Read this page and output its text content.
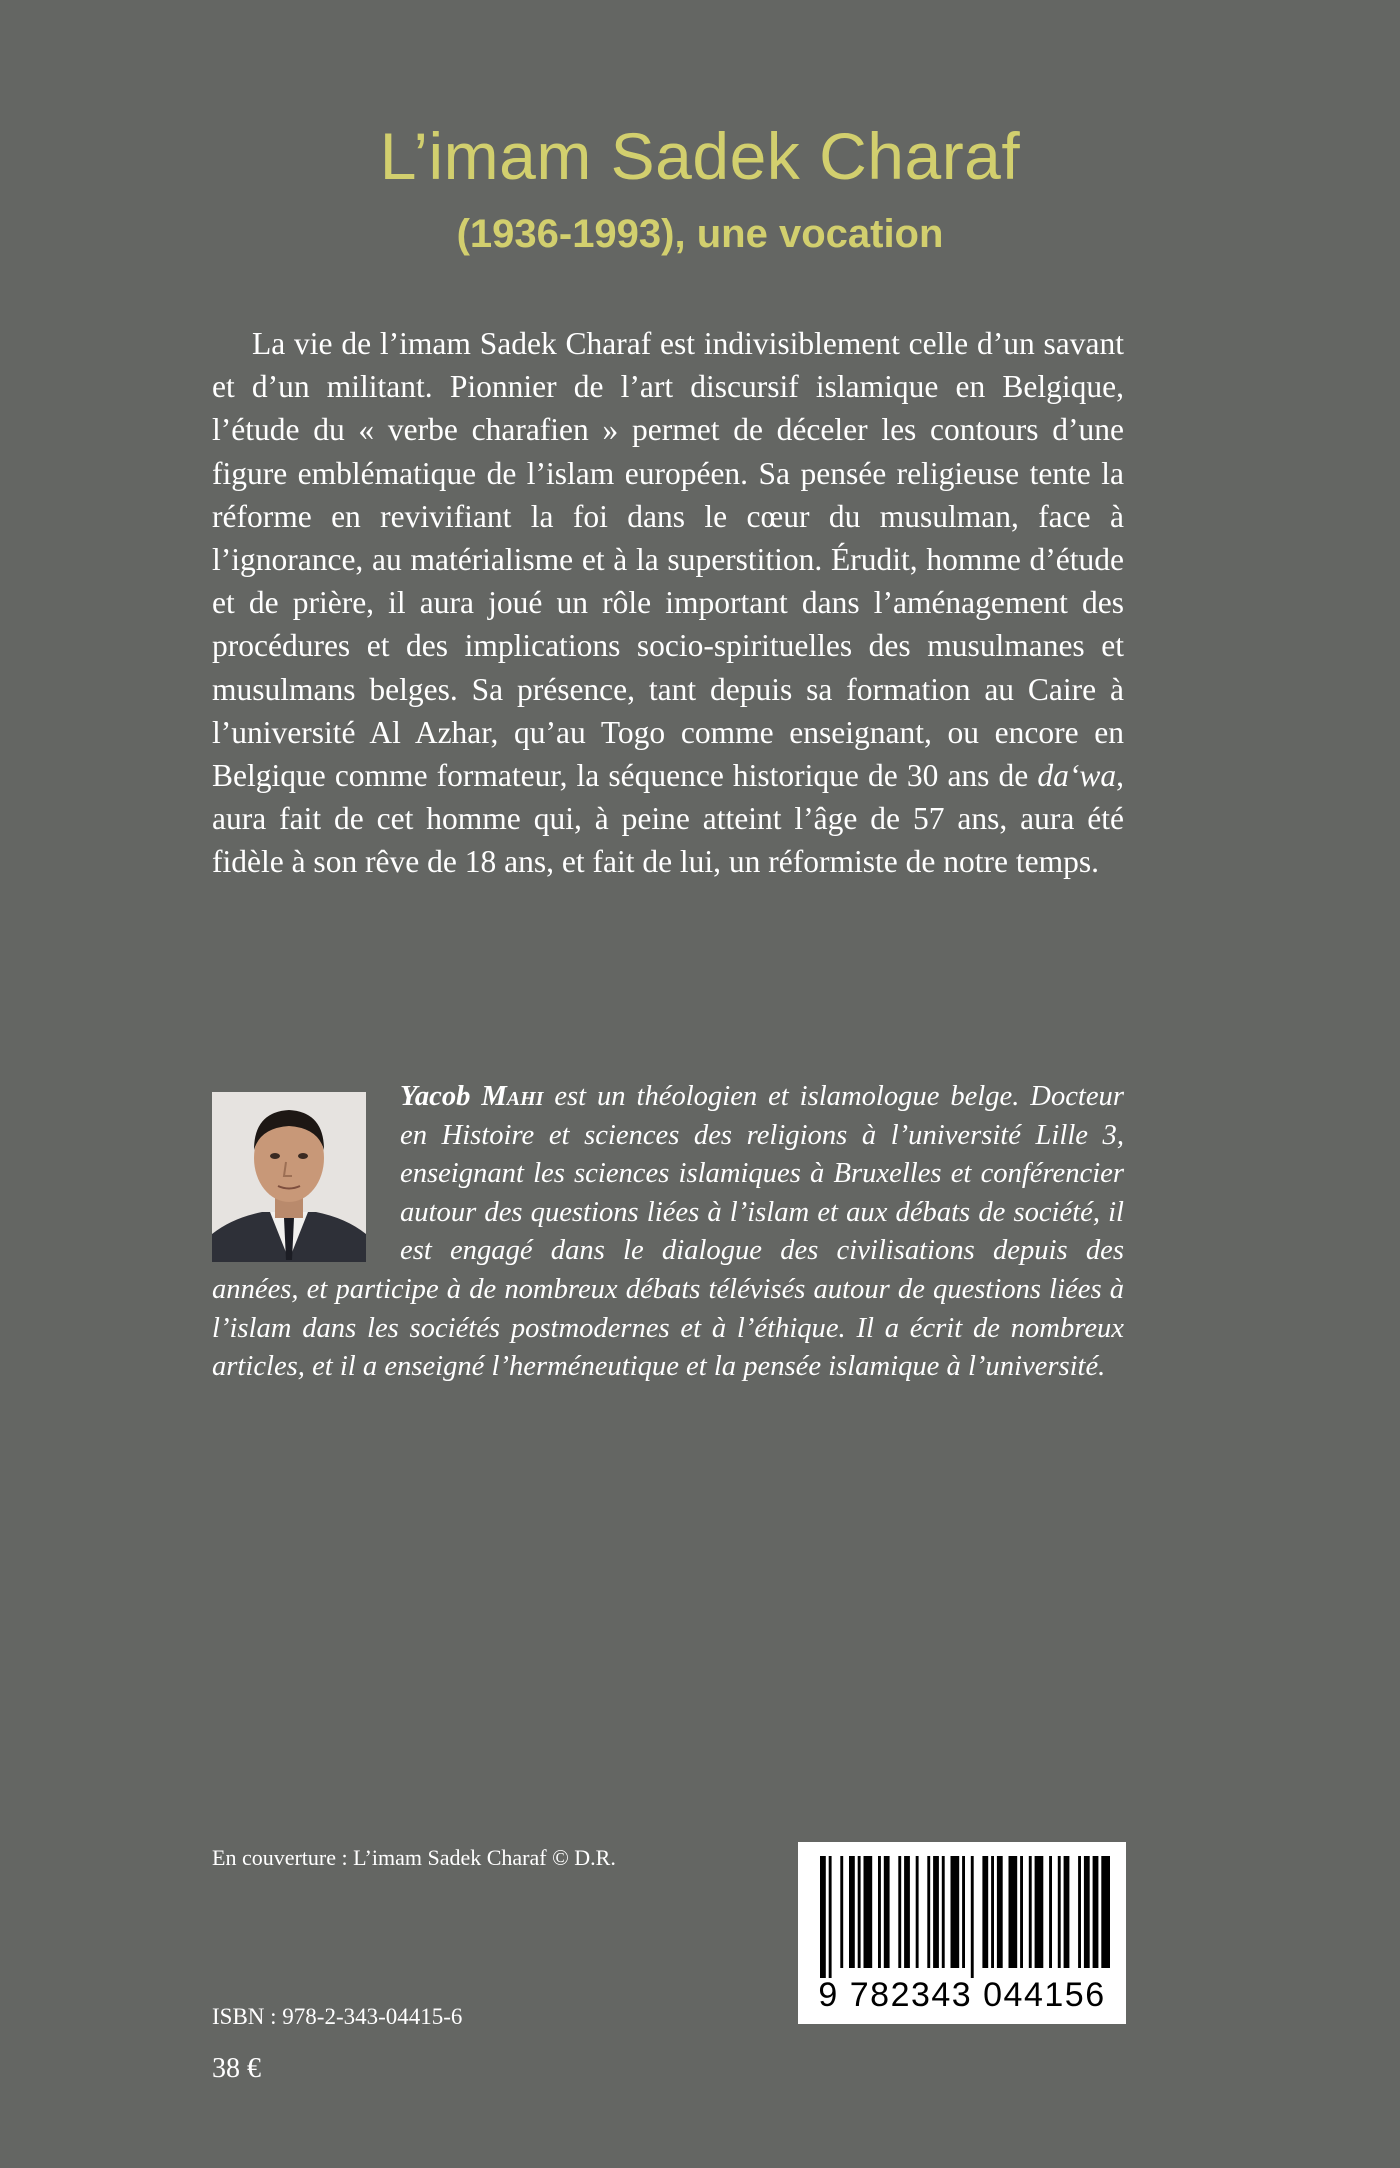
L’imam Sadek Charaf
(1936-1993), une vocation

La vie de l’imam Sadek Charaf est indivisiblement celle d’un savant et d’un militant. Pionnier de l’art discursif islamique en Belgique, l’étude du « verbe charafien » permet de déceler les contours d’une figure emblématique de l’islam européen. Sa pensée religieuse tente la réforme en revivifiant la foi dans le cœur du musulman, face à l’ignorance, au matérialisme et à la superstition. Érudit, homme d’étude et de prière, il aura joué un rôle important dans l’aménagement des procédures et des implications socio-spirituelles des musulmanes et musulmans belges. Sa présence, tant depuis sa formation au Caire à l’université Al Azhar, qu’au Togo comme enseignant, ou encore en Belgique comme formateur, la séquence historique de 30 ans de da‘wa, aura fait de cet homme qui, à peine atteint l’âge de 57 ans, aura été fidèle à son rêve de 18 ans, et fait de lui, un réformiste de notre temps.

Yacob Mahi est un théologien et islamologue belge. Docteur en Histoire et sciences des religions à l’université Lille 3, enseignant les sciences islamiques à Bruxelles et conférencier autour des questions liées à l’islam et aux débats de société, il est engagé dans le dialogue des civilisations depuis des années, et participe à de nombreux débats télévisés autour de questions liées à l’islam dans les sociétés postmodernes et à l’éthique. Il a écrit de nombreux articles, et il a enseigné l’herméneutique et la pensée islamique à l’université.

En couverture : L’imam Sadek Charaf © D.R.

9 782343 044156

ISBN : 978-2-343-04415-6

38 €
